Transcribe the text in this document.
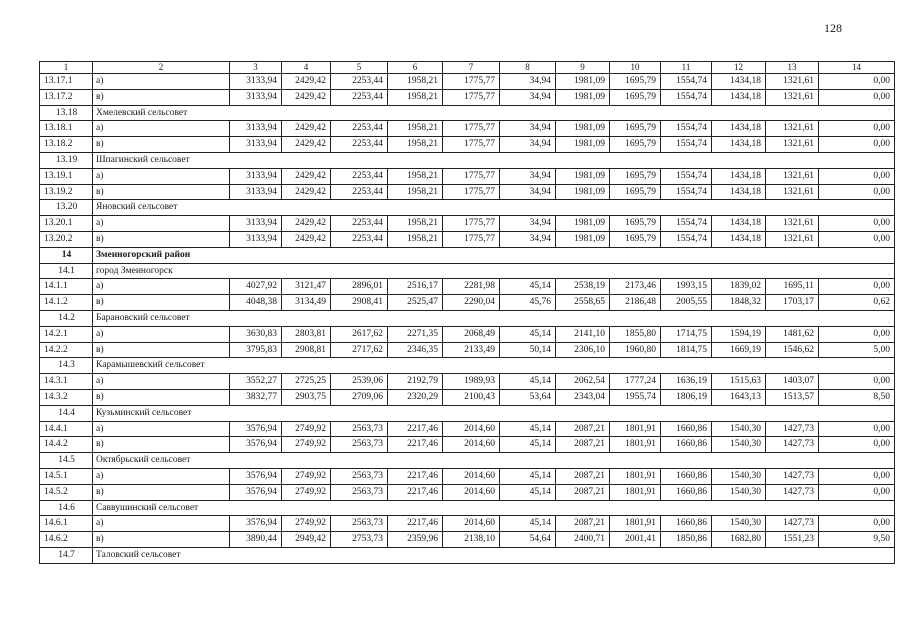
128
1	2	3	4	5	6	7	8	9	10	11	12	13	14
13.17.1	а)	3133,94	2429,42	2253,44	1958,21	1775,77	34,94	1981,09	1695,79	1554,74	1434,18	1321,61	0,00
13.17.2	в)	3133,94	2429,42	2253,44	1958,21	1775,77	34,94	1981,09	1695,79	1554,74	1434,18	1321,61	0,00
13.18	Хмелевский сельсовет												
13.18.1	а)	3133,94	2429,42	2253,44	1958,21	1775,77	34,94	1981,09	1695,79	1554,74	1434,18	1321,61	0,00
13.18.2	в)	3133,94	2429,42	2253,44	1958,21	1775,77	34,94	1981,09	1695,79	1554,74	1434,18	1321,61	0,00
13.19	Шпагинский сельсовет												
13.19.1	а)	3133,94	2429,42	2253,44	1958,21	1775,77	34,94	1981,09	1695,79	1554,74	1434,18	1321,61	0,00
13.19.2	в)	3133,94	2429,42	2253,44	1958,21	1775,77	34,94	1981,09	1695,79	1554,74	1434,18	1321,61	0,00
13.20	Яновский сельсовет												
13.20.1	а)	3133,94	2429,42	2253,44	1958,21	1775,77	34,94	1981,09	1695,79	1554,74	1434,18	1321,61	0,00
13.20.2	в)	3133,94	2429,42	2253,44	1958,21	1775,77	34,94	1981,09	1695,79	1554,74	1434,18	1321,61	0,00
14	Змеиногорский район												
14.1	город Змеиногорск												
14.1.1	а)	4027,92	3121,47	2896,01	2516,17	2281,98	45,14	2538,19	2173,46	1993,15	1839,02	1695,11	0,00
14.1.2	в)	4048,38	3134,49	2908,41	2525,47	2290,04	45,76	2558,65	2186,48	2005,55	1848,32	1703,17	0,62
14.2	Барановский сельсовет												
14.2.1	а)	3630,83	2803,81	2617,62	2271,35	2068,49	45,14	2141,10	1855,80	1714,75	1594,19	1481,62	0,00
14.2.2	в)	3795,83	2908,81	2717,62	2346,35	2133,49	50,14	2306,10	1960,80	1814,75	1669,19	1546,62	5,00
14.3	Карамышевский сельсовет												
14.3.1	а)	3552,27	2725,25	2539,06	2192,79	1989,93	45,14	2062,54	1777,24	1636,19	1515,63	1403,07	0,00
14.3.2	в)	3832,77	2903,75	2709,06	2320,29	2100,43	53,64	2343,04	1955,74	1806,19	1643,13	1513,57	8,50
14.4	Кузьминский сельсовет												
14.4.1	а)	3576,94	2749,92	2563,73	2217,46	2014,60	45,14	2087,21	1801,91	1660,86	1540,30	1427,73	0,00
14.4.2	в)	3576,94	2749,92	2563,73	2217,46	2014,60	45,14	2087,21	1801,91	1660,86	1540,30	1427,73	0,00
14.5	Октябрьский сельсовет												
14.5.1	а)	3576,94	2749,92	2563,73	2217,46	2014,60	45,14	2087,21	1801,91	1660,86	1540,30	1427,73	0,00
14.5.2	в)	3576,94	2749,92	2563,73	2217,46	2014,60	45,14	2087,21	1801,91	1660,86	1540,30	1427,73	0,00
14.6	Саввушинский сельсовет												
14.6.1	а)	3576,94	2749,92	2563,73	2217,46	2014,60	45,14	2087,21	1801,91	1660,86	1540,30	1427,73	0,00
14.6.2	в)	3890,44	2949,42	2753,73	2359,96	2138,10	54,64	2400,71	2001,41	1850,86	1682,80	1551,23	9,50
14.7	Таловский сельсовет												
